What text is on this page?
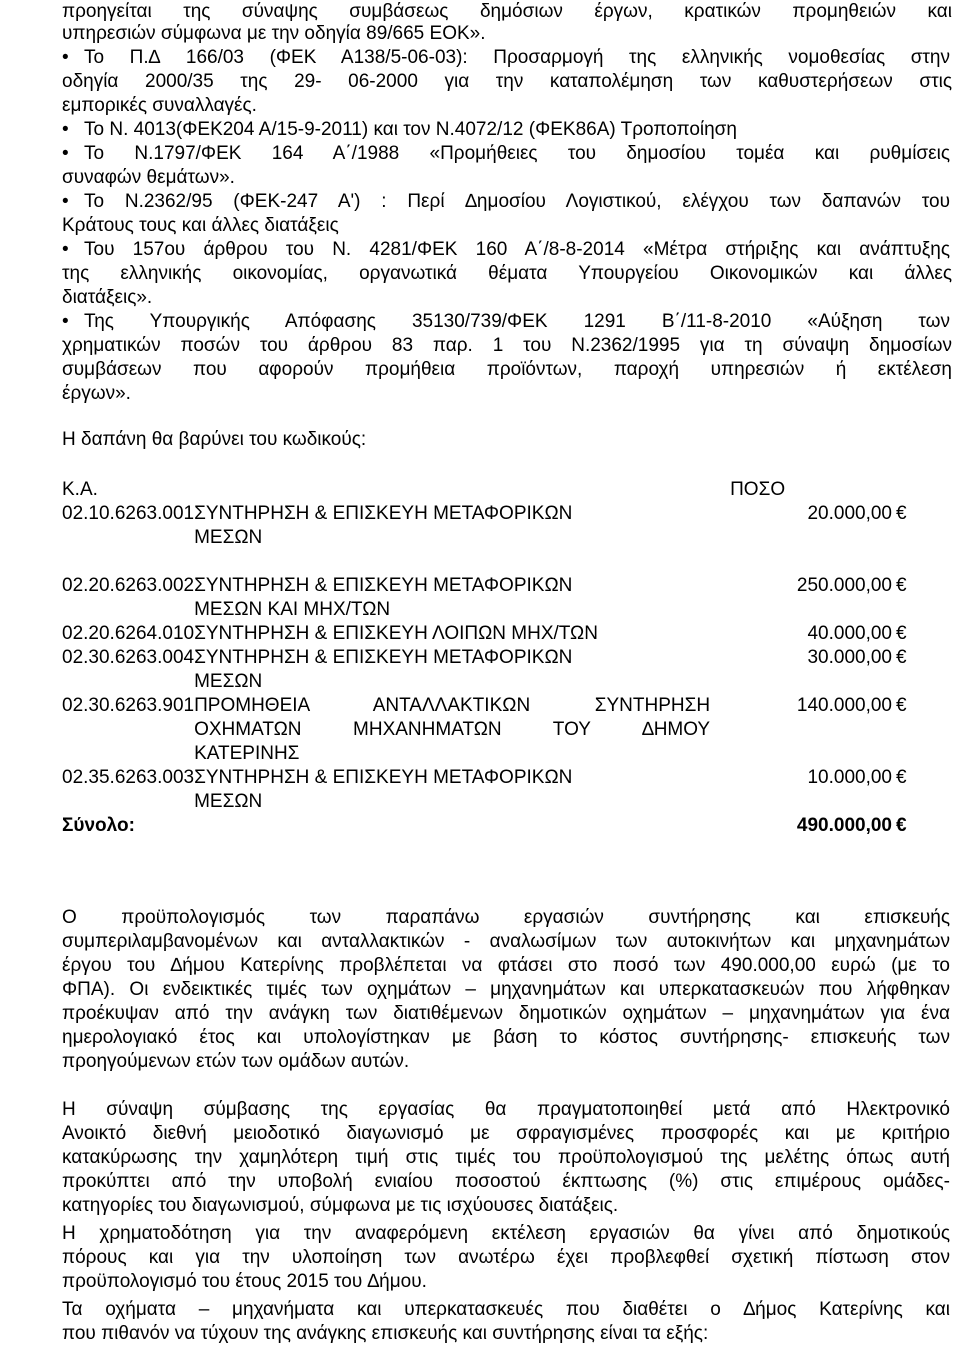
προηγείται της σύναψης συμβάσεως δημόσιων έργων, κρατικών προμηθειών και
υπηρεσιών σύμφωνα με την οδηγία 89/665 ΕΟΚ».
• Το Π.∆ 166/03 (ΦΕΚ Α138/5-06-03): Προσαρμογή της ελληνικής νομοθεσίας στην
οδηγία 2000/35 της 29- 06-2000 για την καταπολέμηση των καθυστερήσεων στις
εμπορικές συναλλαγές.
• Το Ν. 4013(ΦΕΚ204 Α/15-9-2011) και τον Ν.4072/12 (ΦΕΚ86Α) Τροποποίηση
• Το Ν.1797/ΦΕΚ 164 Α΄/1988 «Προμήθειες του δημοσίου τομέα και ρυθμίσεις
συναφών θεμάτων».
• Το Ν.2362/95 (ΦΕΚ-247 Α') : Περί ∆ημοσίου Λογιστικού, ελέγχου των δαπανών του
Κράτους τους και άλλες διατάξεις
• Του 157ου άρθρου του Ν. 4281/ΦΕΚ 160 Α΄/8-8-2014 «Μέτρα στήριξης και ανάπτυξης
της ελληνικής οικονομίας, οργανωτικά θέματα Υπουργείου Οικονομικών και άλλες
διατάξεις».
• Της Υπουργικής Απόφασης 35130/739/ΦΕΚ 1291 Β΄/11-8-2010 «Αύξηση των
χρηματικών ποσών του άρθρου 83 παρ. 1 του Ν.2362/1995 για τη σύναψη δημοσίων
συμβάσεων που αφορούν προμήθεια προϊόντων, παροχή υπηρεσιών ή εκτέλεση
έργων».
Η δαπάνη θα βαρύνει του κωδικούς:
Κ.Α.		ΠΟΣΟ
02.10.6263.001	ΣΥΝΤΗΡΗΣΗ & ΕΠΙΣΚΕΥΗ ΜΕΤΑΦΟΡΙΚΩΝ
ΜΕΣΩΝ	20.000,00 €
02.20.6263.002	ΣΥΝΤΗΡΗΣΗ & ΕΠΙΣΚΕΥΗ ΜΕΤΑΦΟΡΙΚΩΝ
ΜΕΣΩΝ ΚΑΙ ΜΗΧ/ΤΩΝ	250.000,00 €
02.20.6264.010	ΣΥΝΤΗΡΗΣΗ & ΕΠΙΣΚΕΥΗ ΛΟΙΠΩΝ ΜΗΧ/ΤΩΝ	40.000,00 €
02.30.6263.004	ΣΥΝΤΗΡΗΣΗ & ΕΠΙΣΚΕΥΗ ΜΕΤΑΦΟΡΙΚΩΝ
ΜΕΣΩΝ	30.000,00 €
02.30.6263.901	ΠΡΟΜΗΘΕΙΑ ΑΝΤΑΛΛΑΚΤΙΚΩΝ ΣΥΝΤΗΡΗΣΗ
ΟΧΗΜΑΤΩΝ ΜΗΧΑΝΗΜΑΤΩΝ ΤΟΥ ∆ΗΜΟΥ
ΚΑΤΕΡΙΝΗΣ	140.000,00 €
02.35.6263.003	ΣΥΝΤΗΡΗΣΗ & ΕΠΙΣΚΕΥΗ ΜΕΤΑΦΟΡΙΚΩΝ
ΜΕΣΩΝ	10.000,00 €
Σύνολο:		490.000,00 €
Ο προϋπολογισμός των παραπάνω εργασιών συντήρησης και επισκευής
συμπεριλαμβανομένων και ανταλλακτικών - αναλωσίμων των αυτοκινήτων και μηχανημάτων
έργου του ∆ήμου Κατερίνης προβλέπεται να φτάσει στο ποσό των 490.000,00 ευρώ (με το
ΦΠΑ). Οι ενδεικτικές τιμές των οχημάτων – μηχανημάτων και υπερκατασκευών που λήφθηκαν
προέκυψαν από την ανάγκη των διατιθέμενων δημοτικών οχημάτων – μηχανημάτων για ένα
ημερολογιακό έτος και υπολογίστηκαν με βάση το κόστος συντήρησης- επισκευής των
προηγούμενων ετών των ομάδων αυτών.
Η σύναψη σύμβασης της εργασίας θα πραγματοποιηθεί μετά από Ηλεκτρονικό
Ανοικτό διεθνή μειοδοτικό διαγωνισμό με σφραγισμένες προσφορές και με κριτήριο
κατακύρωσης την χαμηλότερη τιμή στις τιμές του προϋπολογισμού της μελέτης όπως αυτή
προκύπτει από την υποβολή ενιαίου ποσοστού έκπτωσης (%) στις επιμέρους ομάδες-
κατηγορίες του διαγωνισμού, σύμφωνα με τις ισχύουσες διατάξεις.
Η χρηματοδότηση για την αναφερόμενη εκτέλεση εργασιών θα γίνει από δημοτικούς
πόρους και για την υλοποίηση των ανωτέρω έχει προβλεφθεί σχετική πίστωση στον
προϋπολογισμό του έτους 2015 του ∆ήμου.
Τα οχήματα – μηχανήματα και υπερκατασκευές που διαθέτει ο ∆ήμος Κατερίνης και
που πιθανόν να τύχουν της ανάγκης επισκευής και συντήρησης είναι τα εξής:
